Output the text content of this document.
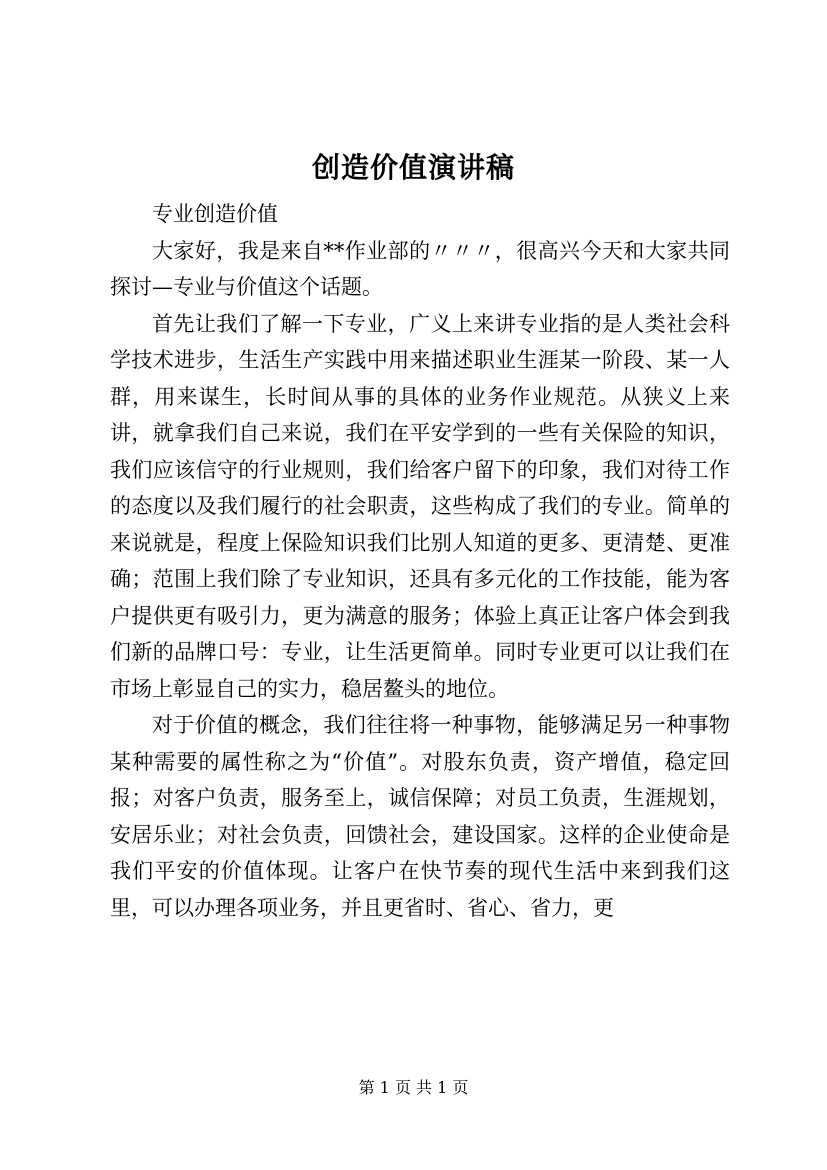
创造价值演讲稿

专业创造价值

大家好，我是来自**作业部的〃〃〃，很高兴今天和大家共同探讨—专业与价值这个话题。

首先让我们了解一下专业，广义上来讲专业指的是人类社会科学技术进步，生活生产实践中用来描述职业生涯某一阶段、某一人群，用来谋生，长时间从事的具体的业务作业规范。从狭义上来讲，就拿我们自己来说，我们在平安学到的一些有关保险的知识，我们应该信守的行业规则，我们给客户留下的印象，我们对待工作的态度以及我们履行的社会职责，这些构成了我们的专业。简单的来说就是，程度上保险知识我们比别人知道的更多、更清楚、更准确；范围上我们除了专业知识，还具有多元化的工作技能，能为客户提供更有吸引力，更为满意的服务；体验上真正让客户体会到我们新的品牌口号：专业，让生活更简单。同时专业更可以让我们在市场上彰显自己的实力，稳居鳌头的地位。

对于价值的概念，我们往往将一种事物，能够满足另一种事物某种需要的属性称之为“价值”。对股东负责，资产增值，稳定回报；对客户负责，服务至上，诚信保障；对员工负责，生涯规划，安居乐业；对社会负责，回馈社会，建设国家。这样的企业使命是我们平安的价值体现。让客户在快节奏的现代生活中来到我们这里，可以办理各项业务，并且更省时、省心、省力，更

第 1 页 共 1 页
